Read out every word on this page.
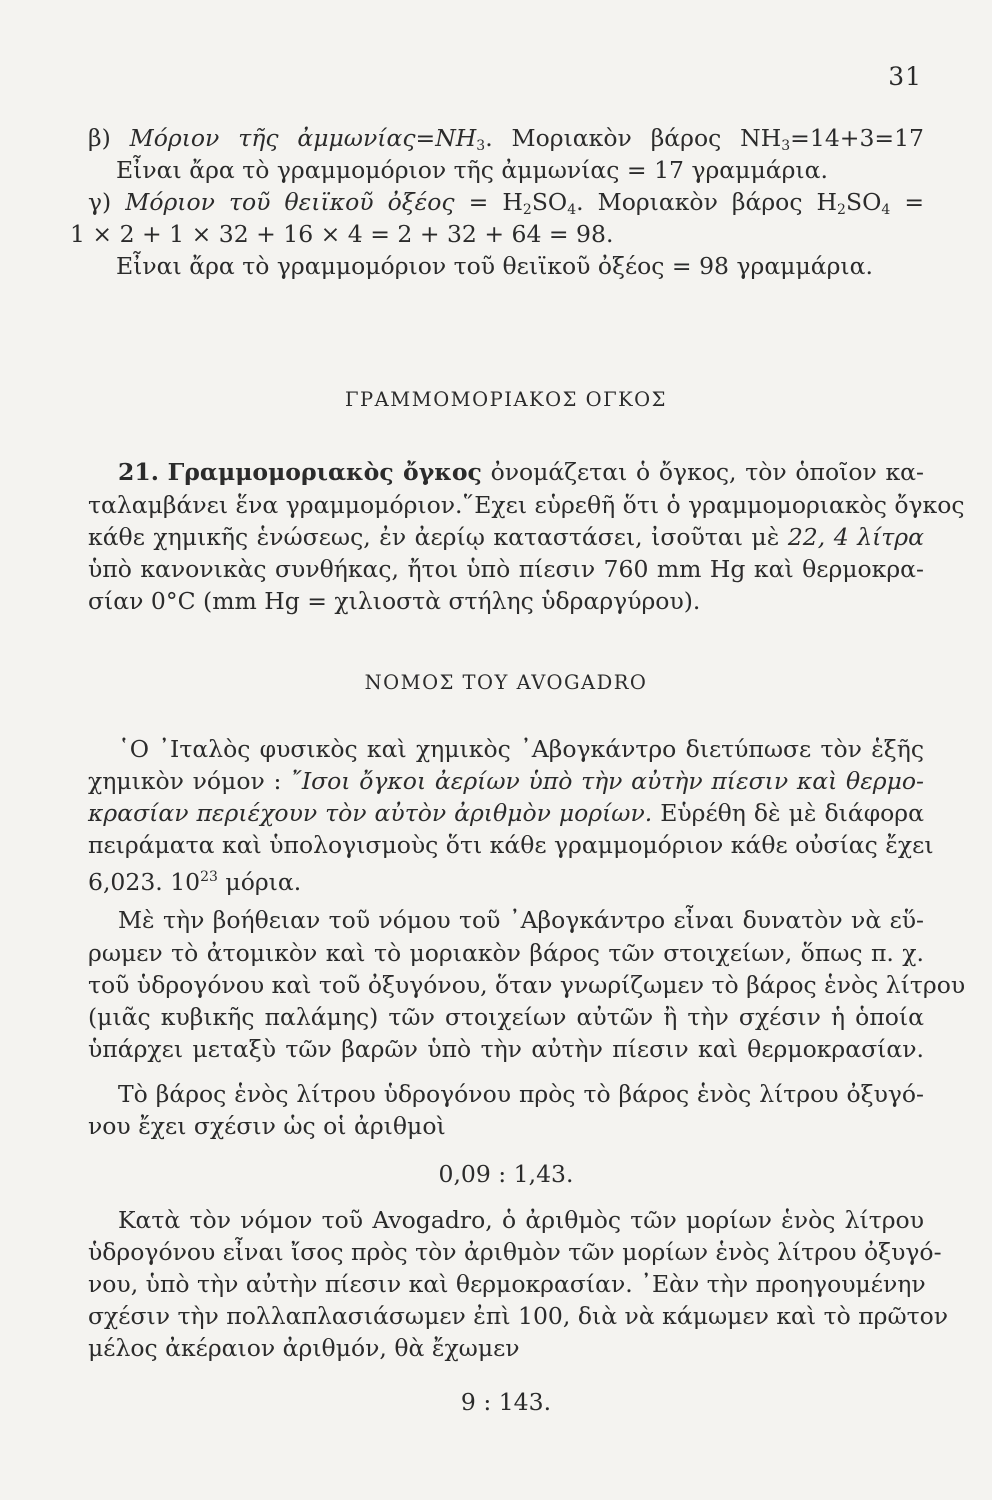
31
β) Μόριον τῆς $ἀ\mu\mu\omega\nu ί\alpha\varsigma=NH_3$. Μοριακὸν βάρος $NH_3=14+3=17$
Εἶναι ἄρα τὸ γραμμομόριον τῆς ἀμμωνίας = 17 γραμμάρια.
γ) Μόριον τοῦ θειϊκοῦ ὀξέος = $H_2SO_4$. Μοριακὸν βάρος $H_2SO_4$ =
1 × 2 + 1 × 32 + 16 × 4 = 2 + 32 + 64 = 98.
Εἶναι ἄρα τὸ γραμμομόριον τοῦ θειϊκοῦ ὀξέος = 98 γραμμάρια.
ΓΡΑΜΜΟΜΟΡΙΑΚΟΣ ΟΓΚΟΣ
21. Γραμμομοριακὸς ὄγκος ὀνομάζεται ὁ ὄγκος, τὸν ὁποῖον κα-
ταλαμβάνει ἕνα γραμμομόριον.῞Εχει εὑρεθῆ ὅτι ὁ γραμμομοριακὸς ὄγκος
κάθε χημικῆς ἑνώσεως, ἐν ἀερίῳ καταστάσει, ἰσοῦται μὲ 22, 4 λίτρα
ὑπὸ κανονικὰς συνθήκας, ἤτοι ὑπὸ πίεσιν 760 mm Hg καὶ θερμοκρα-
σίαν 0°C (mm Hg = χιλιοστὰ στήλης ὑδραργύρου).
ΝΟΜΟΣ ΤΟΥ AVOGADRO
῾Ο ᾿Ιταλὸς φυσικὸς καὶ χημικὸς ᾿Αβογκάντρο διετύπωσε τὸν ἑξῆς
χημικὸν νόμον : ῎Ισοι ὄγκοι ἀερίων ὑπὸ τὴν αὐτὴν πίεσιν καὶ θερμο-
κρασίαν περιέχουν τὸν αὐτὸν ἀριθμὸν μορίων. Εὑρέθη δὲ μὲ διάφορα
πειράματα καὶ ὑπολογισμοὺς ὅτι κάθε γραμμομόριον κάθε οὐσίας ἔχει
6,023. $10^{23}$ μόρια.
Μὲ τὴν βοήθειαν τοῦ νόμου τοῦ ᾿Αβογκάντρο εἶναι δυνατὸν νὰ εὕ-
ρωμεν τὸ ἀτομικὸν καὶ τὸ μοριακὸν βάρος τῶν στοιχείων, ὅπως π. χ.
τοῦ ὑδρογόνου καὶ τοῦ ὀξυγόνου, ὅταν γνωρίζωμεν τὸ βάρος ἑνὸς λίτρου
(μιᾶς κυβικῆς παλάμης) τῶν στοιχείων αὐτῶν ἢ τὴν σχέσιν ἡ ὁποία
ὑπάρχει μεταξὺ τῶν βαρῶν ὑπὸ τὴν αὐτὴν πίεσιν καὶ θερμοκρασίαν.
Τὸ βάρος ἑνὸς λίτρου ὑδρογόνου πρὸς τὸ βάρος ἑνὸς λίτρου ὀξυγό-
νου ἔχει σχέσιν ὡς οἱ ἀριθμοὶ
0,09 : 1,43.
Κατὰ τὸν νόμον τοῦ Avogadro, ὁ ἀριθμὸς τῶν μορίων ἑνὸς λίτρου
ὑδρογόνου εἶναι ἴσος πρὸς τὸν ἀριθμὸν τῶν μορίων ἑνὸς λίτρου ὀξυγό-
νου, ὑπὸ τὴν αὐτὴν πίεσιν καὶ θερμοκρασίαν. ᾿Εὰν τὴν προηγουμένην
σχέσιν τὴν πολλαπλασιάσωμεν ἐπὶ 100, διὰ νὰ κάμωμεν καὶ τὸ πρῶτον
μέλος ἀκέραιον ἀριθμόν, θὰ ἔχωμεν
9 : 143.
